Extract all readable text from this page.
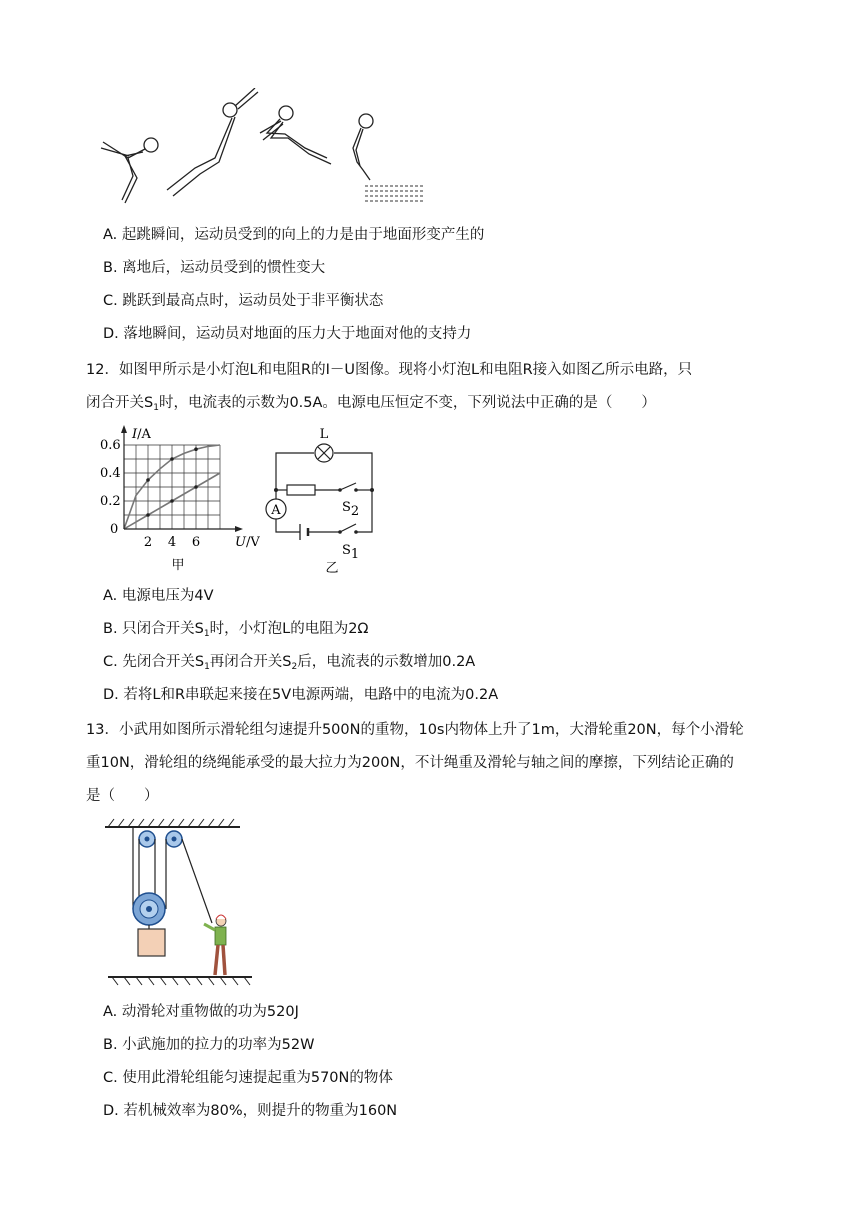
A. 起跳瞬间，运动员受到的向上的力是由于地面形变产生的
B. 离地后，运动员受到的惯性变大
C. 跳跃到最高点时，运动员处于非平衡状态
D. 落地瞬间，运动员对地面的压力大于地面对他的支持力
12．如图甲所示是小灯泡L和电阻R的I－U图像。现将小灯泡L和电阻R接入如图乙所示电路，只
闭合开关$S_1$时，电流表的示数为0.5A。电源电压恒定不变，下列说法中正确的是（　　）
0.6
0.4
0.2
0
2 4 6
I/A
U/V
甲
L
A	$S_2$
$S_1$
乙
A. 电源电压为4V
B. 只闭合开关$S_1$时，小灯泡L的电阻为2Ω
C. 先闭合开关$S_1$再闭合开关$S_2$后，电流表的示数增加0.2A
D. 若将L和R串联起来接在5V电源两端，电路中的电流为0.2A
13．小武用如图所示滑轮组匀速提升500N的重物，10s内物体上升了1m，大滑轮重20N，每个小滑轮
重10N，滑轮组的绕绳能承受的最大拉力为200N，不计绳重及滑轮与轴之间的摩擦，下列结论正确的
是（　　）
A. 动滑轮对重物做的功为520J
B. 小武施加的拉力的功率为52W
C. 使用此滑轮组能匀速提起重为570N的物体
D. 若机械效率为80%，则提升的物重为160N
